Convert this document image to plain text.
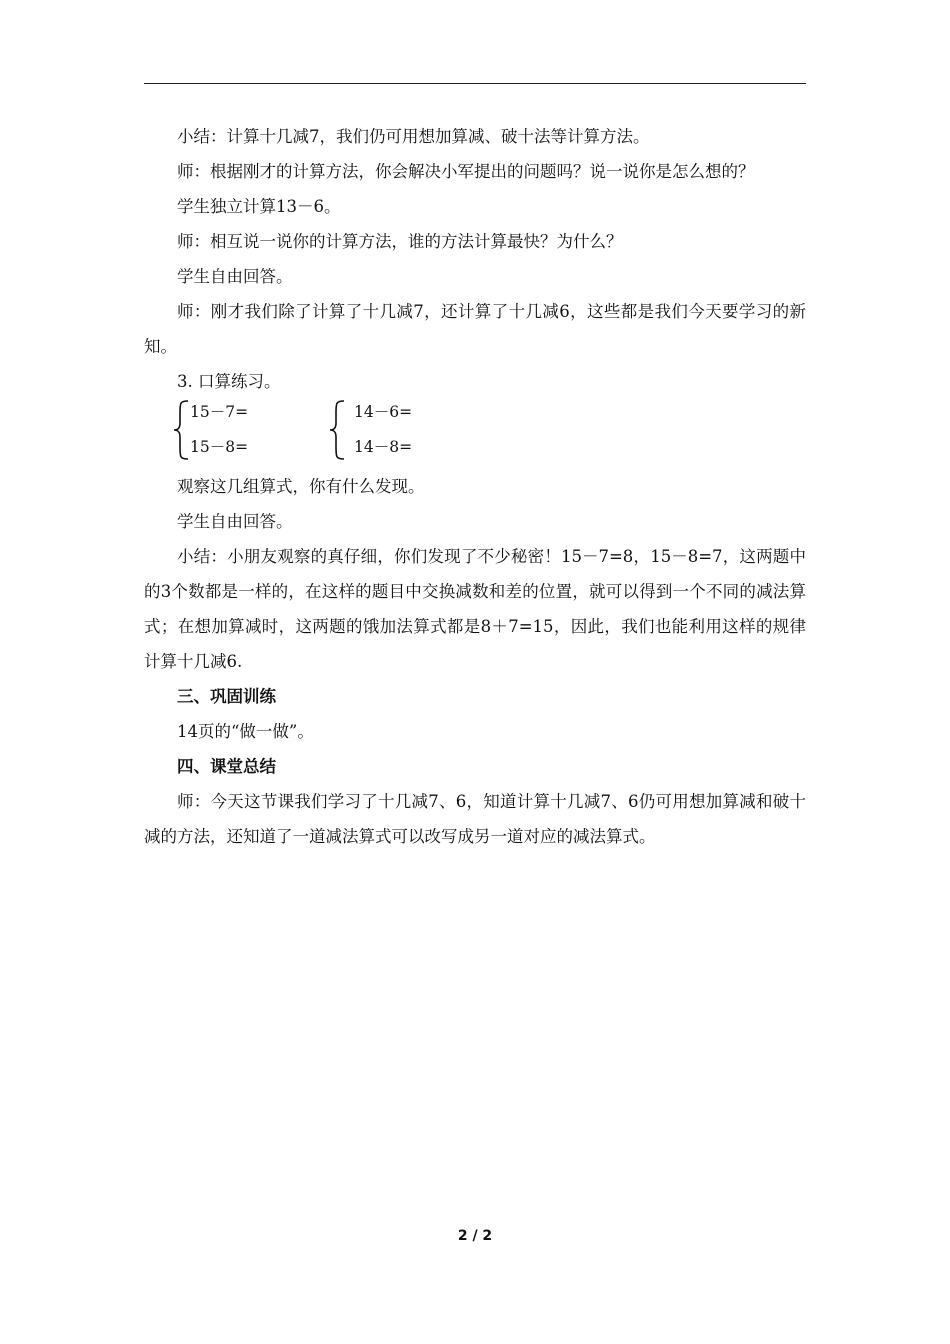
小结：计算十几减7，我们仍可用想加算减、破十法等计算方法。

师：根据刚才的计算方法，你会解决小军提出的问题吗？说一说你是怎么想的？

学生独立计算13－6。

师：相互说一说你的计算方法，谁的方法计算最快？为什么？

学生自由回答。

师：刚才我们除了计算了十几减7，还计算了十几减6，这些都是我们今天要学习的新知。

3. 口算练习。

15－7=
15－8=
14－6=
14－8=

观察这几组算式，你有什么发现。

学生自由回答。

小结：小朋友观察的真仔细，你们发现了不少秘密！15－7=8，15－8=7，这两题中的3个数都是一样的，在这样的题目中交换减数和差的位置，就可以得到一个不同的减法算式；在想加算减时，这两题的饿加法算式都是8＋7=15，因此，我们也能利用这样的规律计算十几减6.

三、巩固训练

14页的“做一做”。

四、课堂总结

师：今天这节课我们学习了十几减7、6，知道计算十几减7、6仍可用想加算减和破十减的方法，还知道了一道减法算式可以改写成另一道对应的减法算式。

2 / 2
